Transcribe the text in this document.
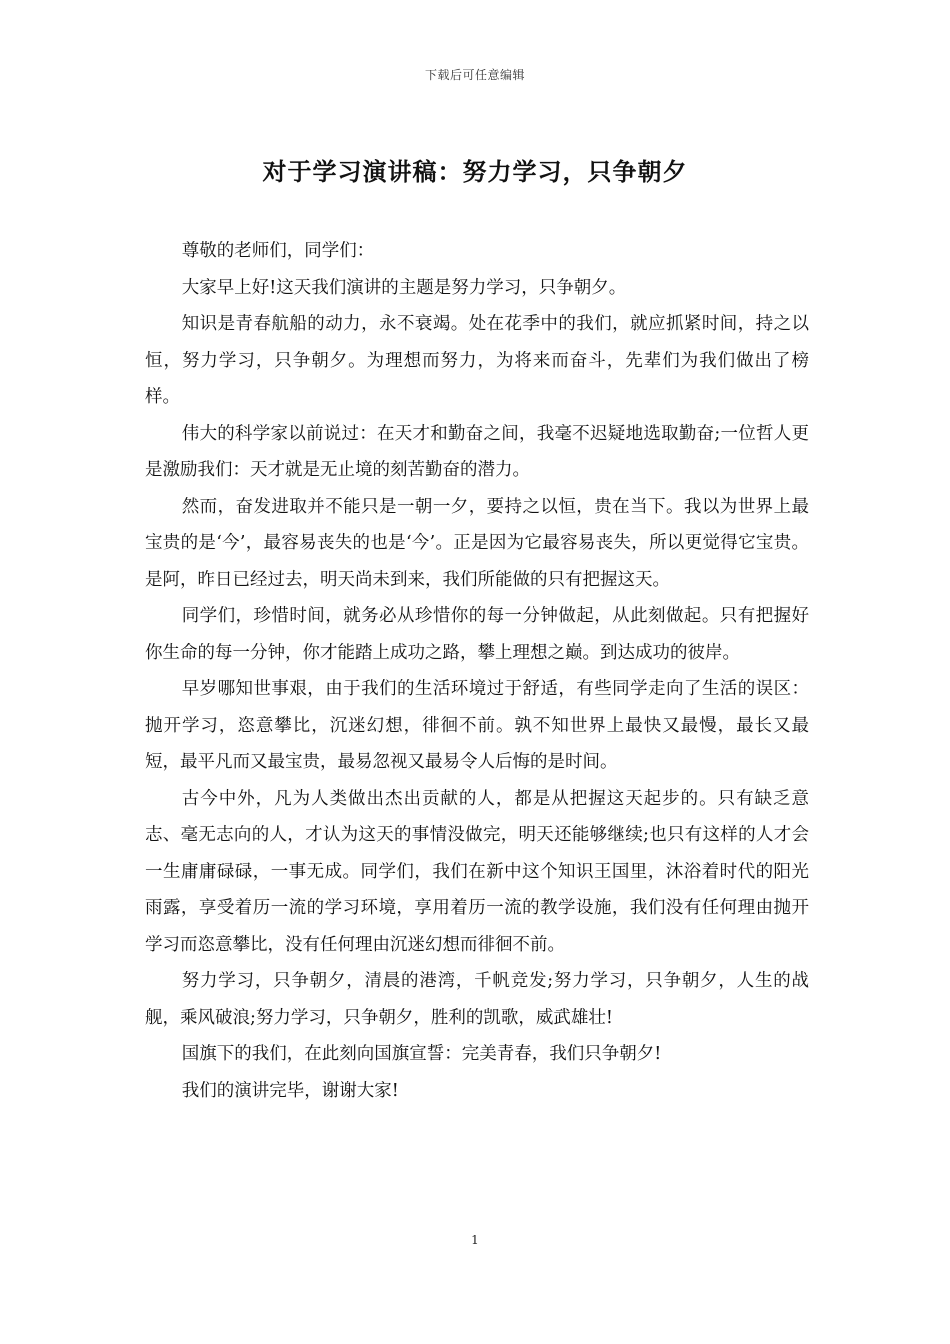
下载后可任意编辑
对于学习演讲稿：努力学习，只争朝夕

尊敬的老师们，同学们：

大家早上好!这天我们演讲的主题是努力学习，只争朝夕。

知识是青春航船的动力，永不衰竭。处在花季中的我们，就应抓紧时间，持之以恒，努力学习，只争朝夕。为理想而努力，为将来而奋斗，先辈们为我们做出了榜样。

伟大的科学家以前说过：在天才和勤奋之间，我毫不迟疑地选取勤奋;一位哲人更是激励我们：天才就是无止境的刻苦勤奋的潜力。

然而，奋发进取并不能只是一朝一夕，要持之以恒，贵在当下。我以为世界上最宝贵的是‘今’，最容易丧失的也是‘今’。正是因为它最容易丧失，所以更觉得它宝贵。是阿，昨日已经过去，明天尚未到来，我们所能做的只有把握这天。

同学们，珍惜时间，就务必从珍惜你的每一分钟做起，从此刻做起。只有把握好你生命的每一分钟，你才能踏上成功之路，攀上理想之巅。到达成功的彼岸。

早岁哪知世事艰，由于我们的生活环境过于舒适，有些同学走向了生活的误区：抛开学习，恣意攀比，沉迷幻想，徘徊不前。孰不知世界上最快又最慢，最长又最短，最平凡而又最宝贵，最易忽视又最易令人后悔的是时间。

古今中外，凡为人类做出杰出贡献的人，都是从把握这天起步的。只有缺乏意志、毫无志向的人，才认为这天的事情没做完，明天还能够继续;也只有这样的人才会一生庸庸碌碌，一事无成。同学们，我们在新中这个知识王国里，沐浴着时代的阳光雨露，享受着历一流的学习环境，享用着历一流的教学设施，我们没有任何理由抛开学习而恣意攀比，没有任何理由沉迷幻想而徘徊不前。

努力学习，只争朝夕，清晨的港湾，千帆竞发;努力学习，只争朝夕，人生的战舰，乘风破浪;努力学习，只争朝夕，胜利的凯歌，威武雄壮!

国旗下的我们，在此刻向国旗宣誓：完美青春，我们只争朝夕!

我们的演讲完毕，谢谢大家!

1
